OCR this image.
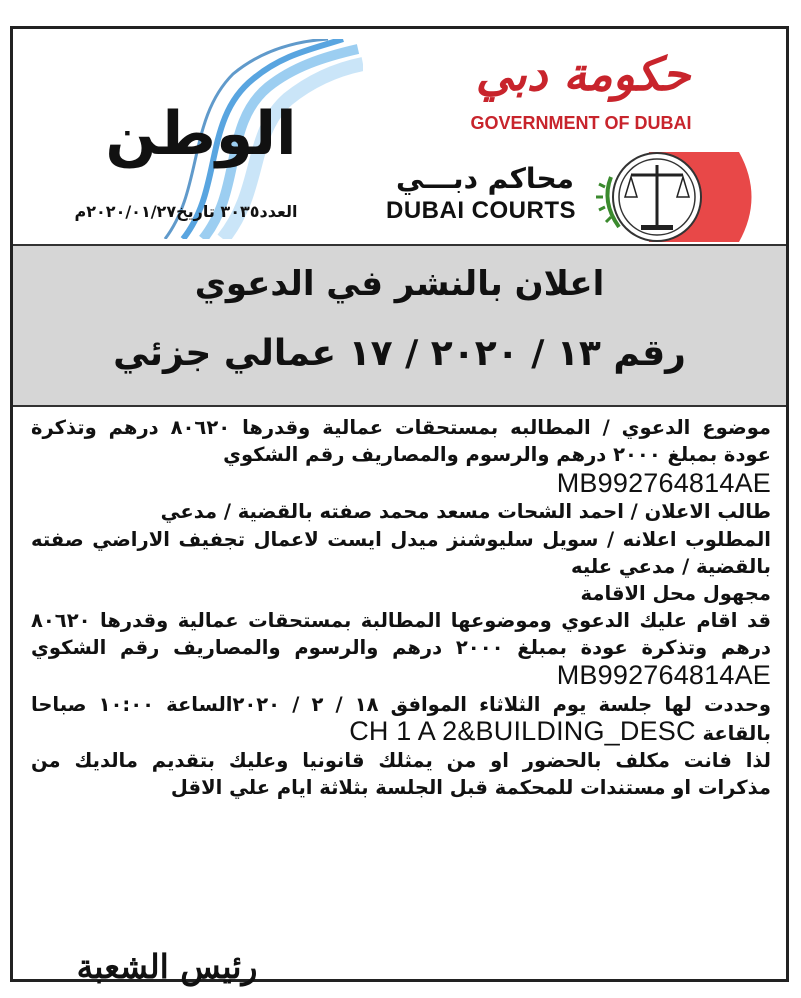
الوطن
العدد٣٠٣٥ تاريخ٢٠٢٠/٠١/٢٧م
حكومة دبي
GOVERNMENT OF DUBAI
محاكم دبـــي
DUBAI COURTS
اعلان بالنشر في الدعوي
رقم ١٣ / ٢٠٢٠ / ١٧ عمالي جزئي

موضوع الدعوي / المطالبه بمستحقات عمالية وقدرها ٨٠٦٢٠ درهم وتذكرة عودة بمبلغ ٢٠٠٠ درهم والرسوم والمصاريف رقم الشكوي
MB992764814AE

طالب الاعلان / احمد الشحات مسعد محمد صفته بالقضية / مدعي

المطلوب اعلانه / سويل سليوشنز ميدل ايست لاعمال تجفيف الاراضي صفته بالقضية / مدعي عليه

مجهول محل الاقامة

قد اقام عليك الدعوي وموضوعها المطالبة بمستحقات عمالية وقدرها ٨٠٦٢٠ درهم وتذكرة عودة بمبلغ ٢٠٠٠ درهم والرسوم والمصاريف رقم الشكوي MB992764814AE

وحددت لها جلسة يوم الثلاثاء الموافق ١٨ / ٢ / ٢٠٢٠الساعة ١٠:٠٠ صباحا بالقاعة CH 1 A 2&BUILDING_DESC

لذا فانت مكلف بالحضور او من يمثلك قانونيا وعليك بتقديم مالديك من مذكرات او مستندات للمحكمة قبل الجلسة بثلاثة ايام علي الاقل

رئيس الشعبة
